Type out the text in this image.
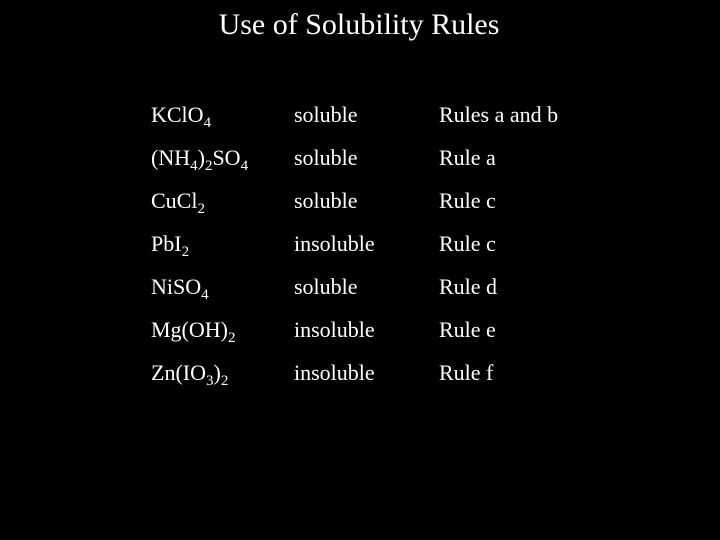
Use of Solubility Rules
KClO$_4$	soluble	Rules a and b
$(NH_4)_2SO_4$ soluble	Rule a
CuCl$_2$	soluble	Rule c
PbI$_2$	insoluble	Rule c
NiSO$_4$	soluble	Rule d
$Mg(OH)_2$	insoluble	Rule e
$Zn(IO_3)_2$	insoluble	Rule f
